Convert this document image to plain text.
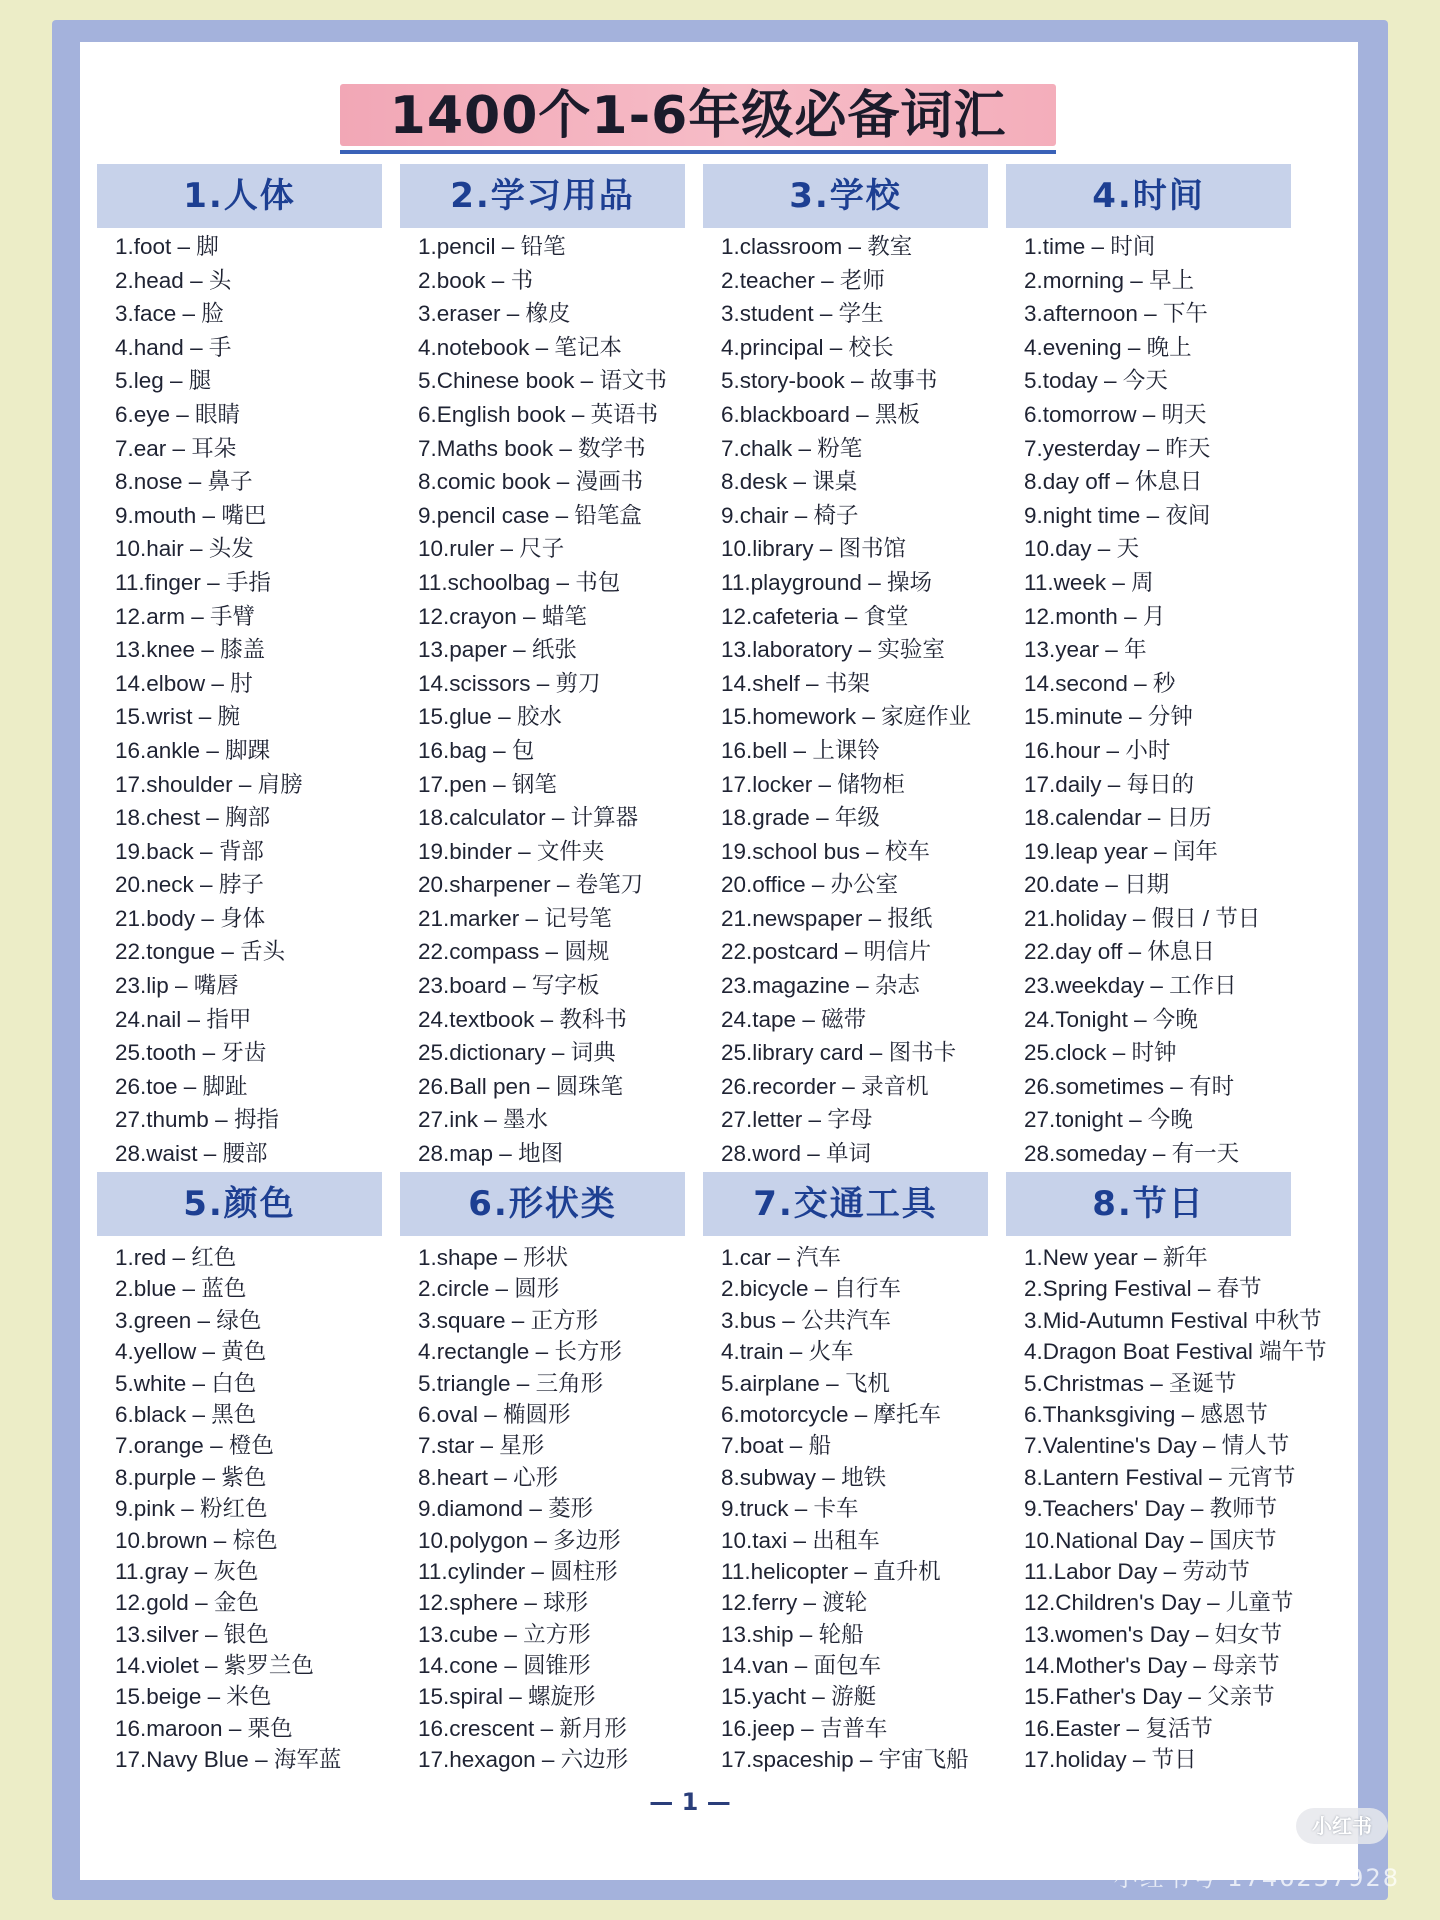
1400个1-6年级必备词汇
1.人体
1.foot – 脚
2.head – 头
3.face – 脸
4.hand – 手
5.leg – 腿
6.eye – 眼睛
7.ear – 耳朵
8.nose – 鼻子
9.mouth – 嘴巴
10.hair – 头发
11.finger – 手指
12.arm – 手臂
13.knee – 膝盖
14.elbow – 肘
15.wrist – 腕
16.ankle – 脚踝
17.shoulder – 肩膀
18.chest – 胸部
19.back – 背部
20.neck – 脖子
21.body – 身体
22.tongue – 舌头
23.lip – 嘴唇
24.nail – 指甲
25.tooth – 牙齿
26.toe – 脚趾
27.thumb – 拇指
28.waist – 腰部
2.学习用品
1.pencil – 铅笔
2.book – 书
3.eraser – 橡皮
4.notebook – 笔记本
5.Chinese book – 语文书
6.English book – 英语书
7.Maths book – 数学书
8.comic book – 漫画书
9.pencil case – 铅笔盒
10.ruler – 尺子
11.schoolbag – 书包
12.crayon – 蜡笔
13.paper – 纸张
14.scissors – 剪刀
15.glue – 胶水
16.bag – 包
17.pen – 钢笔
18.calculator – 计算器
19.binder – 文件夹
20.sharpener – 卷笔刀
21.marker – 记号笔
22.compass – 圆规
23.board – 写字板
24.textbook – 教科书
25.dictionary – 词典
26.Ball pen – 圆珠笔
27.ink – 墨水
28.map – 地图
3.学校
1.classroom – 教室
2.teacher – 老师
3.student – 学生
4.principal – 校长
5.story-book – 故事书
6.blackboard – 黑板
7.chalk – 粉笔
8.desk – 课桌
9.chair – 椅子
10.library – 图书馆
11.playground – 操场
12.cafeteria – 食堂
13.laboratory – 实验室
14.shelf – 书架
15.homework – 家庭作业
16.bell – 上课铃
17.locker – 储物柜
18.grade – 年级
19.school bus – 校车
20.office – 办公室
21.newspaper – 报纸
22.postcard – 明信片
23.magazine – 杂志
24.tape – 磁带
25.library card – 图书卡
26.recorder – 录音机
27.letter – 字母
28.word – 单词
4.时间
1.time – 时间
2.morning – 早上
3.afternoon – 下午
4.evening – 晚上
5.today – 今天
6.tomorrow – 明天
7.yesterday – 昨天
8.day off – 休息日
9.night time – 夜间
10.day – 天
11.week – 周
12.month – 月
13.year – 年
14.second – 秒
15.minute – 分钟
16.hour – 小时
17.daily – 每日的
18.calendar – 日历
19.leap year – 闰年
20.date – 日期
21.holiday – 假日 / 节日
22.day off – 休息日
23.weekday – 工作日
24.Tonight – 今晚
25.clock – 时钟
26.sometimes – 有时
27.tonight – 今晚
28.someday – 有一天
5.颜色
1.red – 红色
2.blue – 蓝色
3.green – 绿色
4.yellow – 黄色
5.white – 白色
6.black – 黑色
7.orange – 橙色
8.purple – 紫色
9.pink – 粉红色
10.brown – 棕色
11.gray – 灰色
12.gold – 金色
13.silver – 银色
14.violet – 紫罗兰色
15.beige – 米色
16.maroon – 栗色
17.Navy Blue – 海军蓝
6.形状类
1.shape – 形状
2.circle – 圆形
3.square – 正方形
4.rectangle – 长方形
5.triangle – 三角形
6.oval – 椭圆形
7.star – 星形
8.heart – 心形
9.diamond – 菱形
10.polygon – 多边形
11.cylinder – 圆柱形
12.sphere – 球形
13.cube – 立方形
14.cone – 圆锥形
15.spiral – 螺旋形
16.crescent – 新月形
17.hexagon – 六边形
7.交通工具
1.car – 汽车
2.bicycle – 自行车
3.bus – 公共汽车
4.train – 火车
5.airplane – 飞机
6.motorcycle – 摩托车
7.boat – 船
8.subway – 地铁
9.truck – 卡车
10.taxi – 出租车
11.helicopter – 直升机
12.ferry – 渡轮
13.ship – 轮船
14.van – 面包车
15.yacht – 游艇
16.jeep – 吉普车
17.spaceship – 宇宙飞船
8.节日
1.New year – 新年
2.Spring Festival – 春节
3.Mid-Autumn Festival 中秋节
4.Dragon Boat Festival 端午节
5.Christmas – 圣诞节
6.Thanksgiving – 感恩节
7.Valentine's Day – 情人节
8.Lantern Festival – 元宵节
9.Teachers' Day – 教师节
10.National Day – 国庆节
11.Labor Day – 劳动节
12.Children's Day – 儿童节
13.women's Day – 妇女节
14.Mother's Day – 母亲节
15.Father's Day – 父亲节
16.Easter – 复活节
17.holiday – 节日
— 1 —
小红书
小红书号 1746237928
